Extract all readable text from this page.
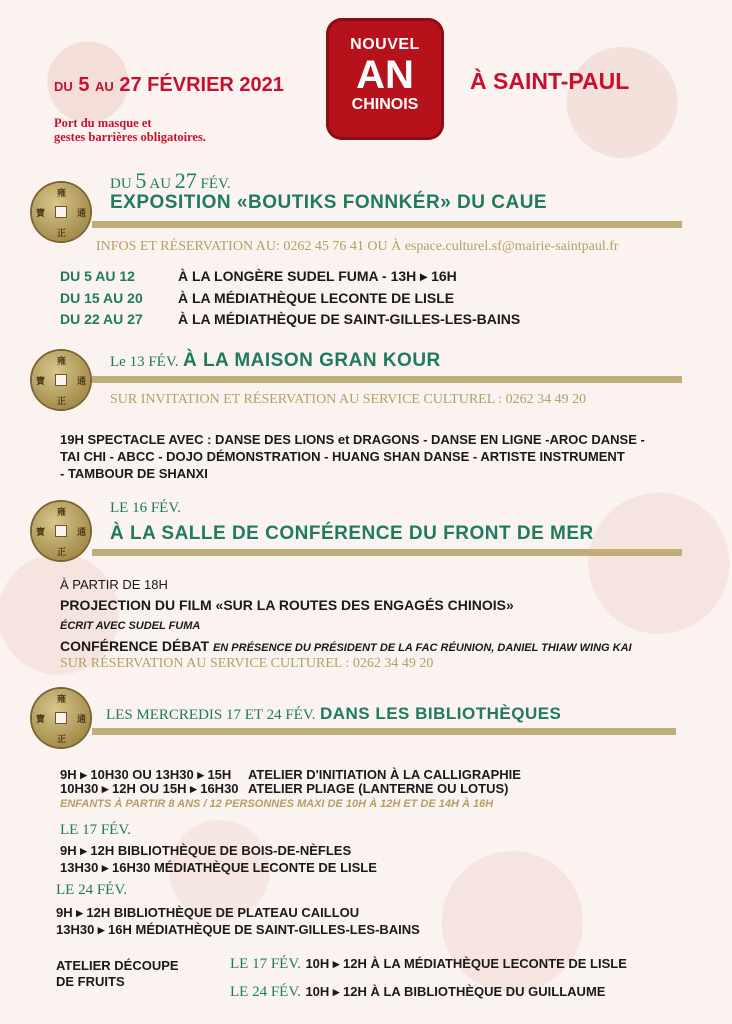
DU 5 AU 27 FÉVRIER 2021
NOUVEL
AN
CHINOIS
À SAINT-PAUL
Port du masque et
gestes barrières obligatoires.
雍
寶	通
正
DU 5 AU 27 FÉV.
EXPOSITION «BOUTIKS FONNKÉR» DU CAUE
INFOS ET RÉSERVATION AU: 0262 45 76 41 OU À espace.culturel.sf@mairie-saintpaul.fr
DU 5 AU 12	À LA LONGÈRE SUDEL FUMA - 13H ▸ 16H
DU 15 AU 20	À LA MÉDIATHÈQUE LECONTE DE LISLE
DU 22 AU 27	À LA MÉDIATHÈQUE DE SAINT-GILLES-LES-BAINS
雍
寶	通
正
Le 13 FÉV. À LA MAISON GRAN KOUR
SUR INVITATION ET RÉSERVATION AU SERVICE CULTUREL : 0262 34 49 20
19H SPECTACLE AVEC : DANSE DES LIONS et DRAGONS - DANSE EN LIGNE -AROC DANSE -
TAI CHI - ABCC - DOJO DÉMONSTRATION - HUANG SHAN DANSE - ARTISTE INSTRUMENT
- TAMBOUR DE SHANXI
雍
寶	通
正
LE 16 FÉV.
À LA SALLE DE CONFÉRENCE DU FRONT DE MER
À PARTIR DE 18H
PROJECTION DU FILM «SUR LA ROUTES DES ENGAGÉS CHINOIS»
ÉCRIT AVEC SUDEL FUMA
CONFÉRENCE DÉBAT EN PRÉSENCE DU PRÉSIDENT DE LA FAC RÉUNION, DANIEL THIAW WING KAI
SUR RÉSERVATION AU SERVICE CULTUREL : 0262 34 49 20
雍
寶	通
正
LES MERCREDIS 17 ET 24 FÉV. DANS LES BIBLIOTHÈQUES
9H ▸ 10H30 OU 13H30 ▸ 15H ATELIER D'INITIATION À LA CALLIGRAPHIE
10H30 ▸ 12H OU 15H ▸ 16H30 ATELIER PLIAGE (LANTERNE OU LOTUS)
ENFANTS À PARTIR 8 ANS / 12 PERSONNES MAXI DE 10H À 12H ET DE 14H À 16H
LE 17 FÉV.
9H ▸ 12H BIBLIOTHÈQUE DE BOIS-DE-NÈFLES
13H30 ▸ 16H30 MÉDIATHÈQUE LECONTE DE LISLE
LE 24 FÉV.
9H ▸ 12H BIBLIOTHÈQUE DE PLATEAU CAILLOU
13H30 ▸ 16H MÉDIATHÈQUE DE SAINT-GILLES-LES-BAINS
ATELIER DÉCOUPE
DE FRUITS
LE 17 FÉV. 10H ▸ 12H À LA MÉDIATHÈQUE LECONTE DE LISLE
LE 24 FÉV. 10H ▸ 12H À LA BIBLIOTHÈQUE DU GUILLAUME
